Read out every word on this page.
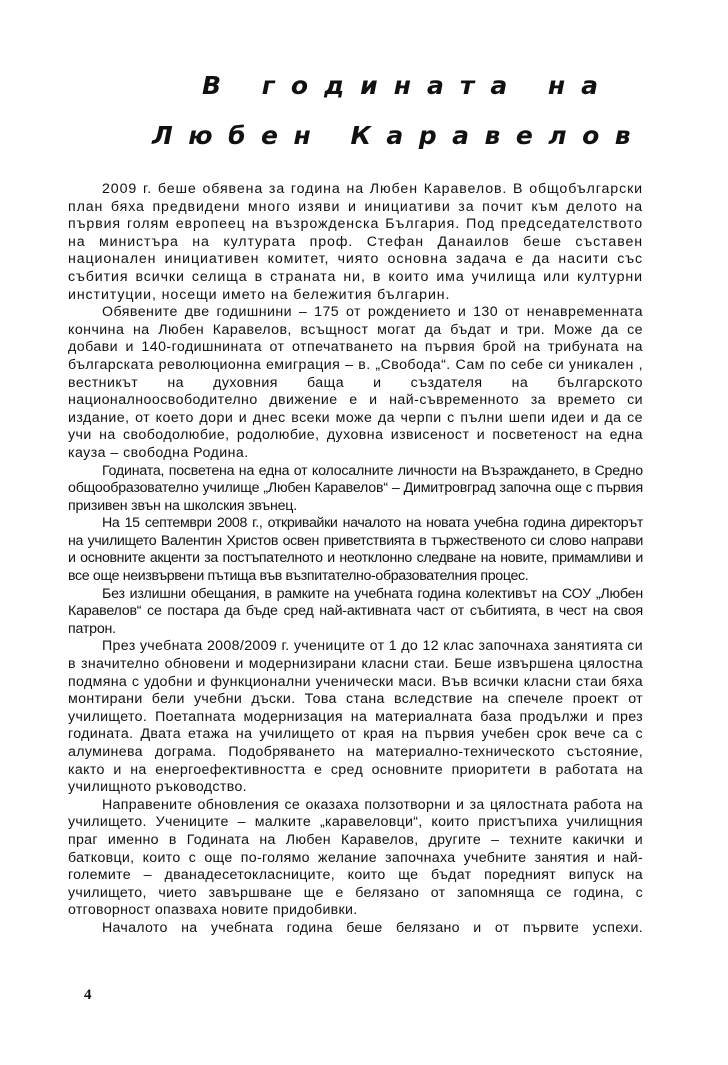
В годината на
Любен Каравелов

2009 г. беше обявена за година на Любен Каравелов. В общобългарски план бяха предвидени много изяви и инициативи за почит към делото на първия голям европеец на възрожденска България. Под председателството на министъра на културата проф. Стефан Данаилов беше съставен национален инициативен комитет, чиято основна задача е да насити със събития всички селища в страната ни, в които има училища или културни институции, носещи името на бележития българин.

Обявените две годишнини – 175 от рождението и 130 от ненавременната кончина на Любен Каравелов, всъщност могат да бъдат и три. Може да се добави и 140-годишнината от отпечатването на първия брой на трибуната на българската революционна емиграция – в. „Свобода“. Сам по себе си уникален , вестникът на духовния баща и създателя на българското националноосвободително движение е и най-съвременното за времето си издание, от което дори и днес всеки може да черпи с пълни шепи идеи и да се учи на свободолюбие, родолюбие, духовна извисеност и посветеност на една кауза – свободна Родина.

Годината, посветена на една от колосалните личности на Възраждането, в Средно общообразователно училище „Любен Каравелов“ – Димитровград започна още с първия призивен звън на школския звънец.

На 15 септември 2008 г., откривайки началото на новата учебна година директорът на училището Валентин Христов освен приветствията в тържественото си слово направи и основните акценти за постъпателното и неотклонно следване на новите, примамливи и все още неизвървени пътища във възпитателно-образователния процес.

Без излишни обещания, в рамките на учебната година колективът на СОУ „Любен Каравелов“ се постара да бъде сред най-активната част от събитията, в чест на своя патрон.

През учебната 2008/2009 г. учениците от 1 до 12 клас започнаха занятията си в значително обновени и модернизирани класни стаи. Беше извършена цялостна подмяна с удобни и функционални ученически маси. Във всички класни стаи бяха монтирани бели учебни дъски. Това стана вследствие на спечеле проект от училището. Поетапната модернизация на материалната база продължи и през годината. Двата етажа на училището от края на първия учебен срок вече са с алуминева дограма. Подобряването на материално-техническото състояние, както и на енергоефективността е сред основните приоритети в работата на училищното ръководство.

Направените обновления се оказаха ползотворни и за цялостната работа на училището. Учениците – малките „каравеловци“, които пристъпиха училищния праг именно в Годината на Любен Каравелов, другите – техните какички и батковци, които с още по-голямо желание започнаха учебните занятия и най-големите – дванадесетокласниците, които ще бъдат поредният випуск на училището, чието завършване ще е белязано от запомняща се година, с отговорност опазваха новите придобивки.

Началото на учебната година беше белязано и от първите успехи.

4
